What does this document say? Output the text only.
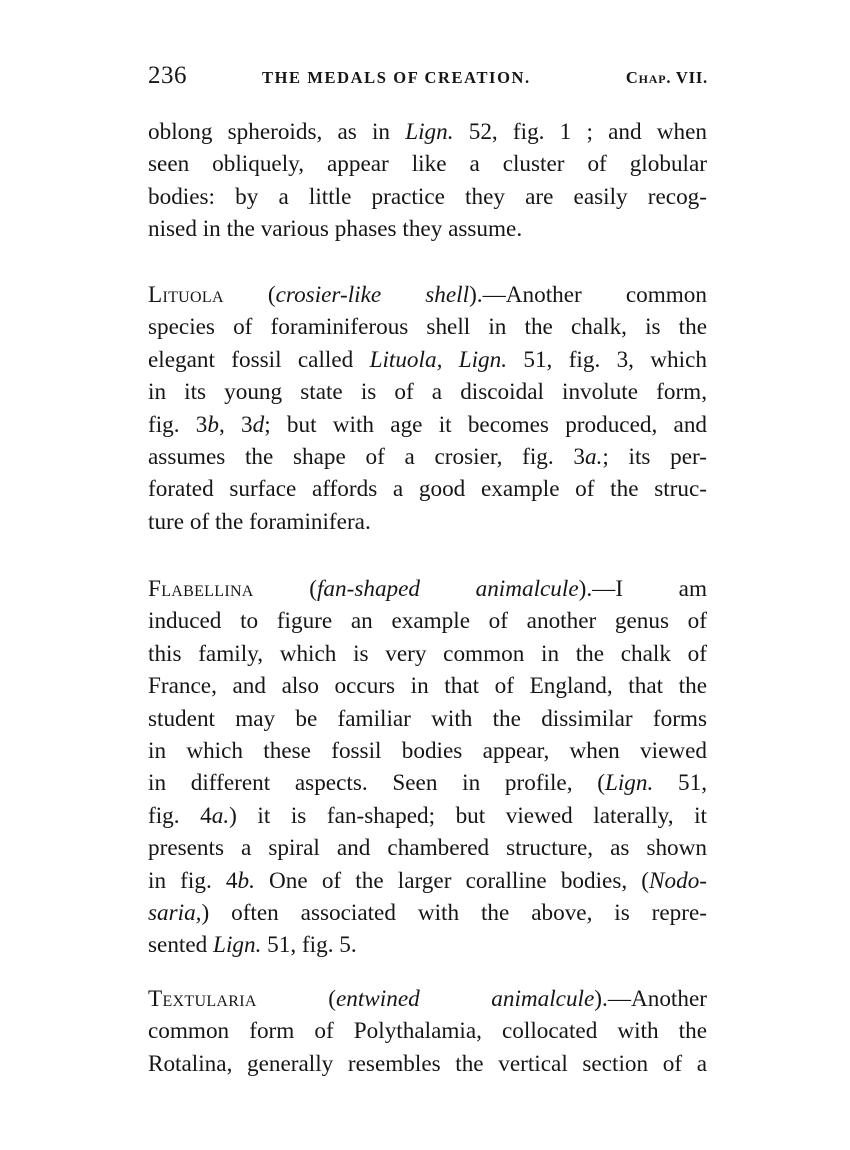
236	THE MEDALS OF CREATION.	Chap. VII.
oblong spheroids, as in Lign. 52, fig. 1 ; and when
seen obliquely, appear like a cluster of globular
bodies: by a little practice they are easily recog-
nised in the various phases they assume.
Lituola (crosier-like shell).—Another common
species of foraminiferous shell in the chalk, is the
elegant fossil called Lituola, Lign. 51, fig. 3, which
in its young state is of a discoidal involute form,
fig. 3b, 3d; but with age it becomes produced, and
assumes the shape of a crosier, fig. 3a.; its per-
forated surface affords a good example of the struc-
ture of the foraminifera.
Flabellina (fan-shaped animalcule).—I am
induced to figure an example of another genus of
this family, which is very common in the chalk of
France, and also occurs in that of England, that the
student may be familiar with the dissimilar forms
in which these fossil bodies appear, when viewed
in different aspects. Seen in profile, (Lign. 51,
fig. 4a.) it is fan-shaped; but viewed laterally, it
presents a spiral and chambered structure, as shown
in fig. 4b. One of the larger coralline bodies, (Nodo-
saria,) often associated with the above, is repre-
sented Lign. 51, fig. 5.
Textularia (entwined animalcule).—Another
common form of Polythalamia, collocated with the
Rotalina, generally resembles the vertical section of a
